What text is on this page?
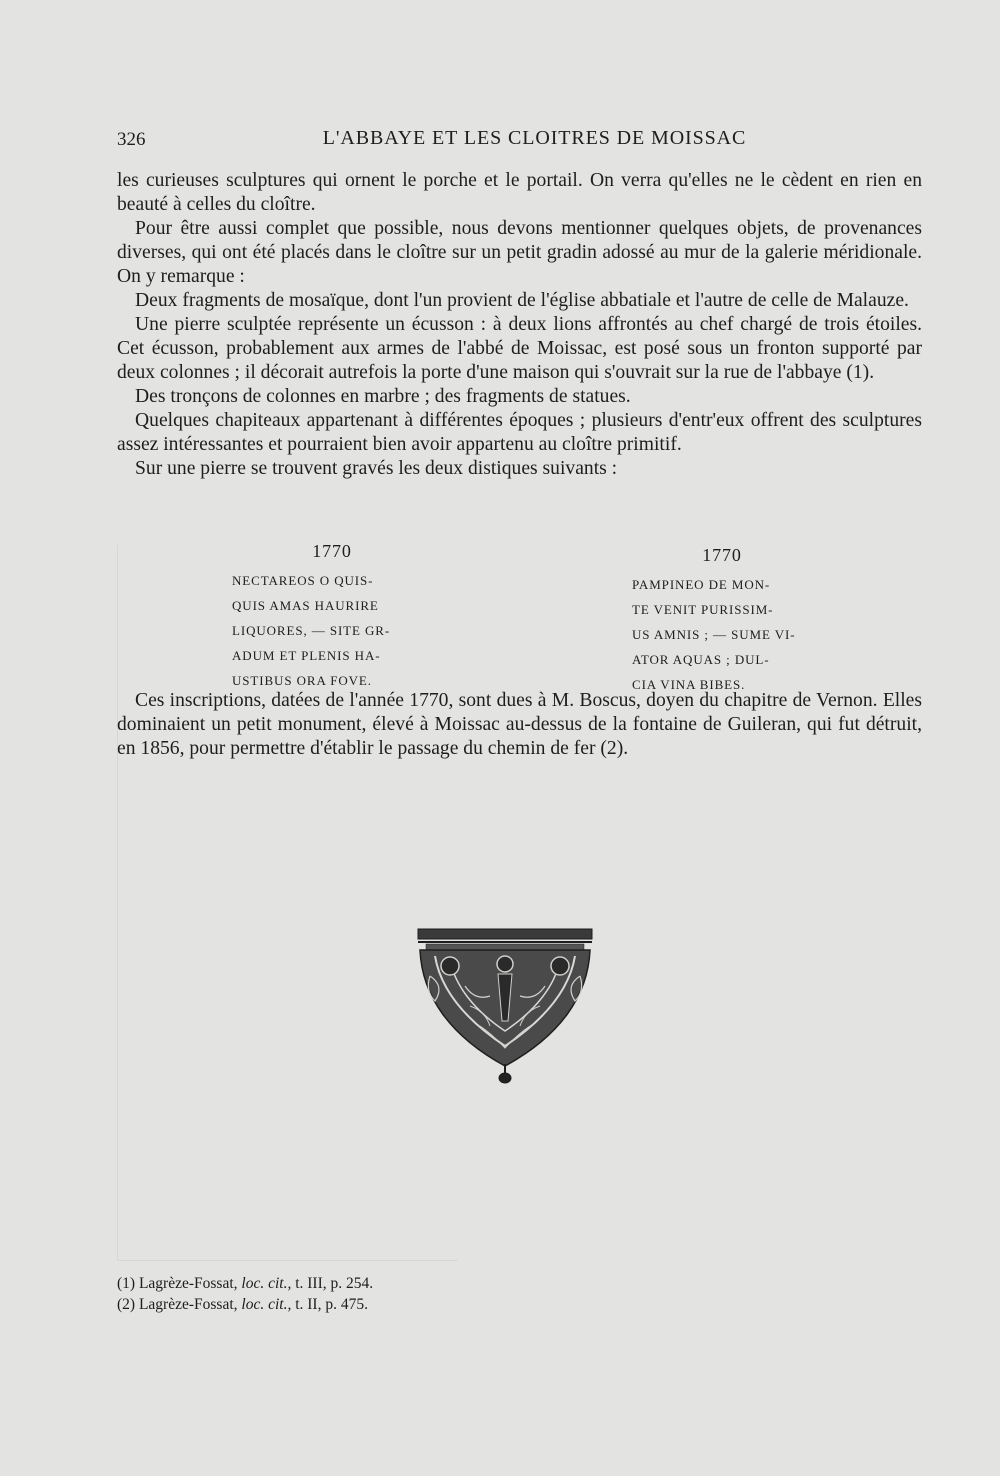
326	L'ABBAYE ET LES CLOITRES DE MOISSAC

les curieuses sculptures qui ornent le porche et le portail. On verra qu'elles ne le cèdent en rien en beauté à celles du cloître.

Pour être aussi complet que possible, nous devons mentionner quelques objets, de provenances diverses, qui ont été placés dans le cloître sur un petit gradin adossé au mur de la galerie méridionale. On y remarque :

Deux fragments de mosaïque, dont l'un provient de l'église abbatiale et l'autre de celle de Malauze.

Une pierre sculptée représente un écusson : à deux lions affrontés au chef chargé de trois étoiles. Cet écusson, probablement aux armes de l'abbé de Moissac, est posé sous un fronton supporté par deux colonnes ; il décorait autrefois la porte d'une maison qui s'ouvrait sur la rue de l'abbaye (1).

Des tronçons de colonnes en marbre ; des fragments de statues.

Quelques chapiteaux appartenant à différentes époques ; plusieurs d'entr'eux offrent des sculptures assez intéressantes et pourraient bien avoir appartenu au cloître primitif.

Sur une pierre se trouvent gravés les deux distiques suivants :

1770
NECTAREOS O QUIS-
QUIS AMAS HAURIRE
LIQUORES, — SITE GR-
ADUM ET PLENIS HA-
USTIBUS ORA FOVE.
1770
PAMPINEO DE MON-
TE VENIT PURISSIM-
US AMNIS ; — SUME VI-
ATOR AQUAS ; DUL-
CIA VINA BIBES.

Ces inscriptions, datées de l'année 1770, sont dues à M. Boscus, doyen du chapitre de Vernon. Elles dominaient un petit monument, élevé à Moissac au-dessus de la fontaine de Guileran, qui fut détruit, en 1856, pour permettre d'établir le passage du chemin de fer (2).

(1) Lagrèze-Fossat, loc. cit., t. III, p. 254.
(2) Lagrèze-Fossat, loc. cit., t. II, p. 475.
